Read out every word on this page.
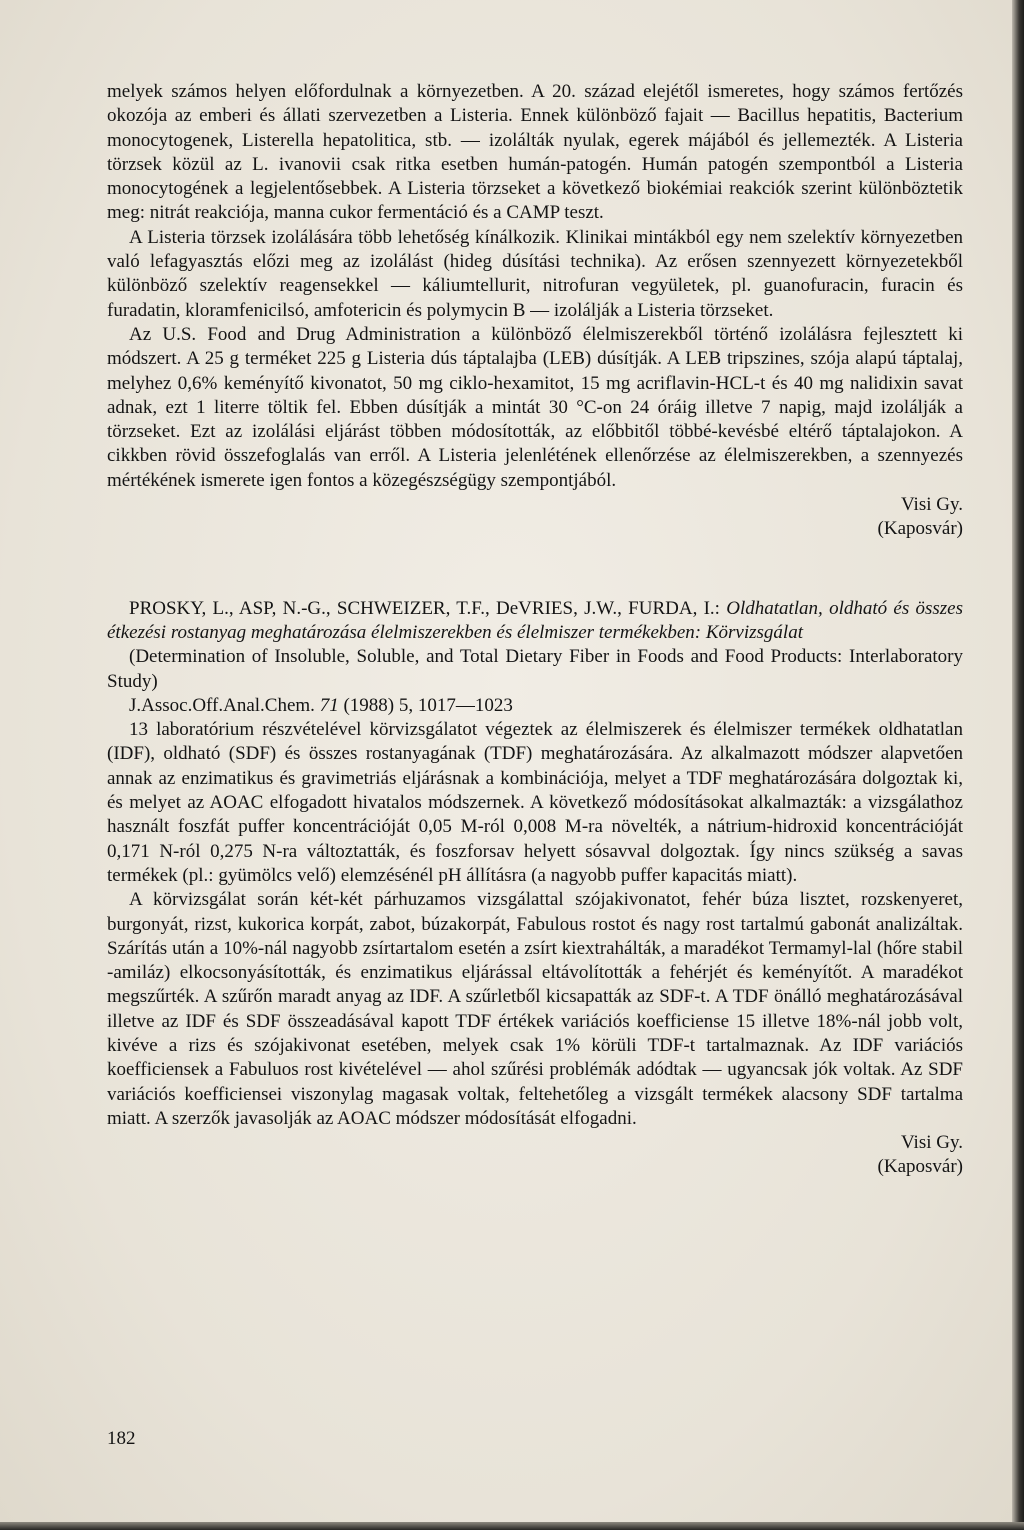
melyek számos helyen előfordulnak a környezetben. A 20. század elejétől ismeretes, hogy számos fertőzés okozója az emberi és állati szervezetben a Listeria. Ennek különböző fajait — Bacillus hepatitis, Bacterium monocytogenek, Listerella hepatolitica, stb. — izolálták nyulak, egerek májából és jellemezték. A Listeria törzsek közül az L. ivanovii csak ritka esetben humán-patogén. Humán patogén szempontból a Listeria monocytogének a legjelentősebbek. A Listeria törzseket a következő biokémiai reakciók szerint különböztetik meg: nitrát reakciója, manna cukor fermentáció és a CAMP teszt.

A Listeria törzsek izolálására több lehetőség kínálkozik. Klinikai mintákból egy nem szelektív környezetben való lefagyasztás előzi meg az izolálást (hideg dúsítási technika). Az erősen szennyezett környezetekből különböző szelektív reagensekkel — káliumtellurit, nitrofuran vegyületek, pl. guanofuracin, furacin és furadatin, kloramfenicilsó, amfotericin és polymycin B — izolálják a Listeria törzseket.

Az U.S. Food and Drug Administration a különböző élelmiszerekből történő izolálásra fejlesztett ki módszert. A 25 g terméket 225 g Listeria dús táptalajba (LEB) dúsítják. A LEB tripszines, szója alapú táptalaj, melyhez 0,6% keményítő kivonatot, 50 mg ciklo-hexamitot, 15 mg acriflavin-HCL-t és 40 mg nalidixin savat adnak, ezt 1 literre töltik fel. Ebben dúsítják a mintát 30 °C-on 24 óráig illetve 7 napig, majd izolálják a törzseket. Ezt az izolálási eljárást többen módosították, az előbbitől többé-kevésbé eltérő táptalajokon. A cikkben rövid összefoglalás van erről. A Listeria jelenlétének ellenőrzése az élelmiszerekben, a szennyezés mértékének ismerete igen fontos a közegészségügy szempontjából.

Visi Gy.

(Kaposvár)

PROSKY, L., ASP, N.-G., SCHWEIZER, T.F., DeVRIES, J.W., FURDA, I.: Oldhatatlan, oldható és összes étkezési rostanyag meghatározása élelmiszerekben és élelmiszer termékekben: Körvizsgálat

(Determination of Insoluble, Soluble, and Total Dietary Fiber in Foods and Food Products: Interlaboratory Study)

J.Assoc.Off.Anal.Chem. 71 (1988) 5, 1017—1023

13 laboratórium részvételével körvizsgálatot végeztek az élelmiszerek és élelmiszer termékek oldhatatlan (IDF), oldható (SDF) és összes rostanyagának (TDF) meghatározására. Az alkalmazott módszer alapvetően annak az enzimatikus és gravimetriás eljárásnak a kombinációja, melyet a TDF meghatározására dolgoztak ki, és melyet az AOAC elfogadott hivatalos módszernek. A következő módosításokat alkalmazták: a vizsgálathoz használt foszfát puffer koncentrációját 0,05 M-ról 0,008 M-ra növelték, a nátrium-hidroxid koncentrációját 0,171 N-ról 0,275 N-ra változtatták, és foszforsav helyett sósavval dolgoztak. Így nincs szükség a savas termékek (pl.: gyümölcs velő) elemzésénél pH állításra (a nagyobb puffer kapacitás miatt).

A körvizsgálat során két-két párhuzamos vizsgálattal szójakivonatot, fehér búza lisztet, rozskenyeret, burgonyát, rizst, kukorica korpát, zabot, búzakorpát, Fabulous rostot és nagy rost tartalmú gabonát analizáltak. Szárítás után a 10%-nál nagyobb zsírtartalom esetén a zsírt kiextrahálták, a maradékot Termamyl-lal (hőre stabil -amiláz) elkocsonyásították, és enzimatikus eljárással eltávolították a fehérjét és keményítőt. A maradékot megszűrték. A szűrőn maradt anyag az IDF. A szűrletből kicsapatták az SDF-t. A TDF önálló meghatározásával illetve az IDF és SDF összeadásával kapott TDF értékek variációs koefficiense 15 illetve 18%-nál jobb volt, kivéve a rizs és szójakivonat esetében, melyek csak 1% körüli TDF-t tartalmaznak. Az IDF variációs koefficiensek a Fabuluos rost kivételével — ahol szűrési problémák adódtak — ugyancsak jók voltak. Az SDF variációs koefficiensei viszonylag magasak voltak, feltehetőleg a vizsgált termékek alacsony SDF tartalma miatt. A szerzők javasolják az AOAC módszer módosítását elfogadni.

Visi Gy.

(Kaposvár)

182
